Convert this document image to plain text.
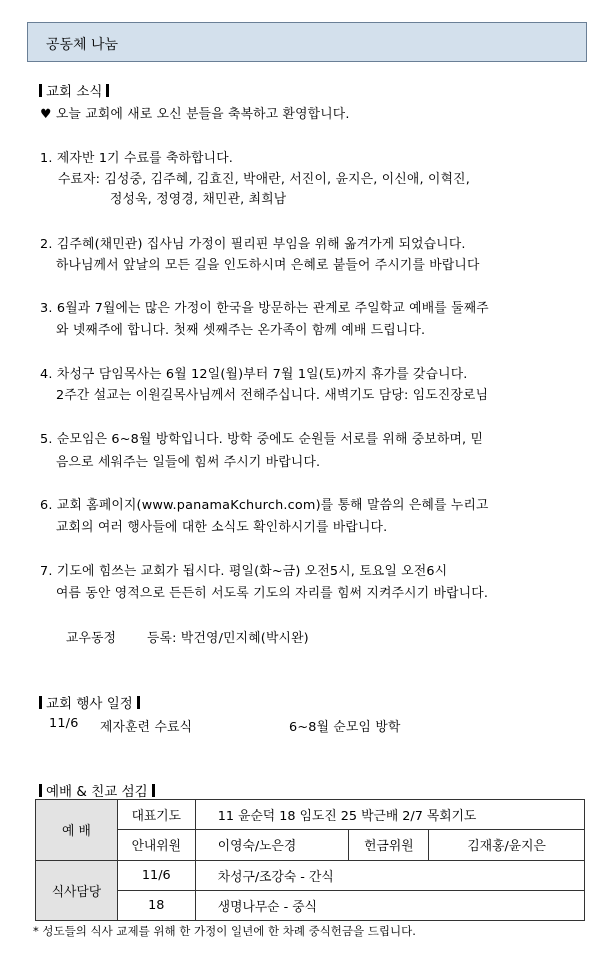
공동체 나눔
교회 소식
♥ 오늘 교회에 새로 오신 분들을 축복하고 환영합니다.
1. 제자반 1기 수료를 축하합니다.
수료자: 김성중, 김주혜, 김효진, 박애란, 서진이, 윤지은, 이신애, 이혁진,
정성욱, 정영경, 채민관, 최희남
2. 김주혜(채민관) 집사님 가정이 필리핀 부임을 위해 옮겨가게 되었습니다.
하나님께서 앞날의 모든 길을 인도하시며 은혜로 붙들어 주시기를 바랍니다
3. 6월과 7월에는 많은 가정이 한국을 방문하는 관계로 주일학교 예배를 둘째주
와 넷째주에 합니다. 첫째 셋째주는 온가족이 함께 예배 드립니다.
4. 차성구 담임목사는 6월 12일(월)부터 7월 1일(토)까지 휴가를 갖습니다.
2주간 설교는 이원길목사님께서 전해주십니다. 새벽기도 담당: 임도진장로님
5. 순모임은 6~8월 방학입니다. 방학 중에도 순원들 서로를 위해 중보하며, 믿
음으로 세워주는 일들에 힘써 주시기 바랍니다.
6. 교회 홈페이지(www.panamaKchurch.com)를 통해 말씀의 은혜를 누리고
교회의 여러 행사들에 대한 소식도 확인하시기를 바랍니다.
7. 기도에 힘쓰는 교회가 됩시다. 평일(화~금) 오전5시, 토요일 오전6시
여름 동안 영적으로 든든히 서도록 기도의 자리를 힘써 지켜주시기 바랍니다.
교우동정 등록: 박건영/민지혜(박시완)
교회 행사 일정
11/6 제자훈련 수료식	6~8월 순모임 방학
예배 & 친교 섬김
예 배	대표기도	11 윤순덕 18 임도진 25 박근배 2/7 목회기도		
	안내위원	이영숙/노은경	헌금위원	김재홍/윤지은
식사담당	11/6	차성구/조강숙 - 간식		
	18	생명나무순 - 중식		
* 성도들의 식사 교제를 위해 한 가정이 일년에 한 차례 중식헌금을 드립니다.
